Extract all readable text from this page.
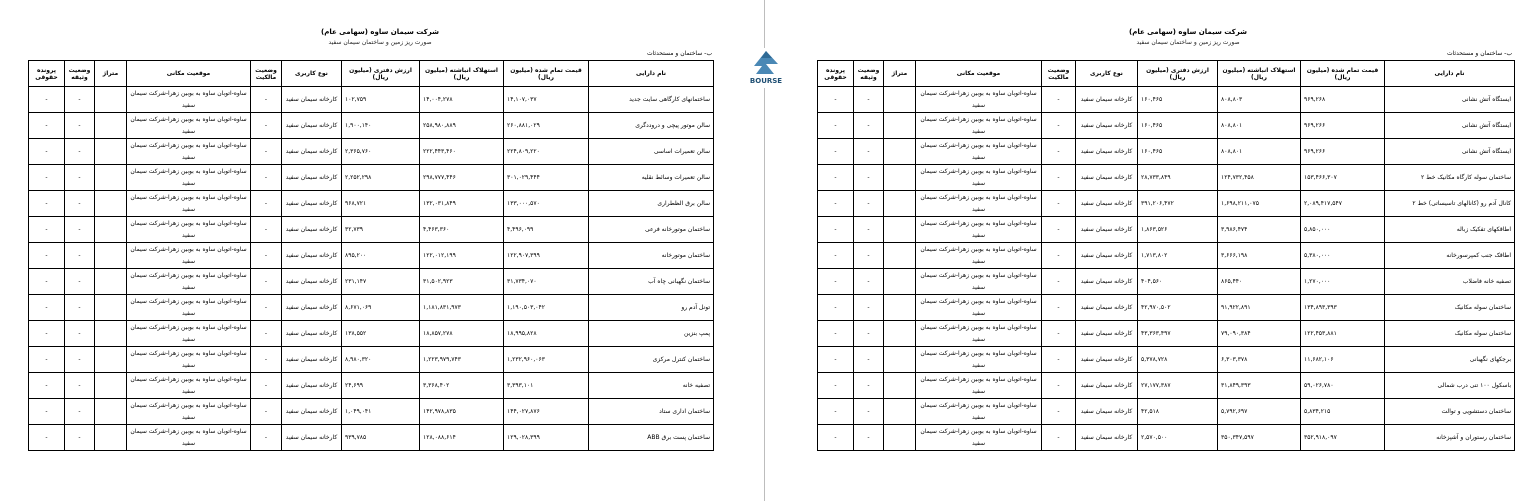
شرکت سیمان ساوه (سهامی عام)
صورت ریز زمین و ساختمان سیمان سفید
ب- ساختمان و مستحدثات
نام دارایی	قیمت تمام شده (میلیون ریال)	استهلاک انباشته (میلیون ریال)	ارزش دفتری (میلیون ریال)	نوع کاربری	وضعیت مالکیت	موقعیت مکانی	متراژ	وضعیت وثیقه	پرونده حقوقی
ساختمانهای کارگاهی سایت جدید	۱۴,۱۰۷,۰۳۷	۱۴,۰۰۴,۲۷۸	۱۰۲,۷۵۹	کارخانه سیمان سفید	-	ساوه-اتوبان ساوه به بوبین زهرا-شرکت سیمان سفید		-	-
سالن موتور پیچی و دروددگری	۲۶۰,۸۸۱,۰۲۹	۲۵۸,۹۸۰,۸۸۹	۱,۹۰۰,۱۴۰	کارخانه سیمان سفید	-	ساوه-اتوبان ساوه به بوبین زهرا-شرکت سیمان سفید		-	-
سالن تعمیرات اساسی	۲۲۴,۸۰۹,۲۲۰	۲۲۲,۴۴۳,۴۶۰	۲,۳۶۵,۷۶۰	کارخانه سیمان سفید	-	ساوه-اتوبان ساوه به بوبین زهرا-شرکت سیمان سفید		-	-
سالن تعمیرات وسائط نقلیه	۳۰۱,۰۲۹,۴۴۴	۲۹۸,۷۷۷,۴۴۶	۲,۲۵۲,۲۹۸	کارخانه سیمان سفید	-	ساوه-اتوبان ساوه به بوبین زهرا-شرکت سیمان سفید		-	-
سالن برق الظطراری	۱۳۳,۰۰۰,۵۷۰	۱۳۲,۰۳۱,۸۴۹	۹۶۸,۷۲۱	کارخانه سیمان سفید	-	ساوه-اتوبان ساوه به بوبین زهرا-شرکت سیمان سفید		-	-
ساختمان موتورخانه فرعی	۴,۴۹۶,۰۹۹	۴,۴۶۳,۳۶۰	۳۲,۷۳۹	کارخانه سیمان سفید	-	ساوه-اتوبان ساوه به بوبین زهرا-شرکت سیمان سفید		-	-
ساختمان موتورخانه	۱۲۲,۹۰۷,۳۹۹	۱۲۲,۰۱۲,۱۹۹	۸۹۵,۲۰۰	کارخانه سیمان سفید	-	ساوه-اتوبان ساوه به بوبین زهرا-شرکت سیمان سفید		-	-
ساختمان نگهبانی چاه آب	۳۱,۷۳۴,۰۷۰	۳۱,۵۰۲,۹۲۳	۲۳۱,۱۴۷	کارخانه سیمان سفید	-	ساوه-اتوبان ساوه به بوبین زهرا-شرکت سیمان سفید		-	-
تونل آدم رو	۱,۱۹۰,۵۰۳,۰۴۲	۱,۱۸۱,۸۳۱,۹۷۳	۸,۶۷۱,۰۶۹	کارخانه سیمان سفید	-	ساوه-اتوبان ساوه به بوبین زهرا-شرکت سیمان سفید		-	-
پمپ بنزین	۱۸,۹۹۵,۸۲۸	۱۸,۸۵۷,۲۷۸	۱۳۸,۵۵۲	کارخانه سیمان سفید	-	ساوه-اتوبان ساوه به بوبین زهرا-شرکت سیمان سفید		-	-
ساختمان کنترل مرکزی	۱,۲۳۲,۹۶۰,۰۶۳	۱,۲۲۳,۹۷۹,۷۴۳	۸,۹۸۰,۳۲۰	کارخانه سیمان سفید	-	ساوه-اتوبان ساوه به بوبین زهرا-شرکت سیمان سفید		-	-
تصفیه خانه	۳,۳۹۳,۱۰۱	۳,۳۶۸,۴۰۲	۲۴,۶۹۹	کارخانه سیمان سفید	-	ساوه-اتوبان ساوه به بوبین زهرا-شرکت سیمان سفید		-	-
ساختمان اداری ستاد	۱۴۴,۰۲۷,۸۷۶	۱۴۲,۹۷۸,۸۳۵	۱,۰۴۹,۰۴۱	کارخانه سیمان سفید	-	ساوه-اتوبان ساوه به بوبین زهرا-شرکت سیمان سفید		-	-
ساختمان پست برق ABB	۱۲۹,۰۲۸,۳۹۹	۱۲۸,۰۸۸,۶۱۴	۹۳۹,۷۸۵	کارخانه سیمان سفید	-	ساوه-اتوبان ساوه به بوبین زهرا-شرکت سیمان سفید		-	-
BOURSE
شرکت سیمان ساوه (سهامی عام)
صورت ریز زمین و ساختمان سیمان سفید
ب- ساختمان و مستحدثات
نام دارایی	قیمت تمام شده (میلیون ریال)	استهلاک انباشته (میلیون ریال)	ارزش دفتری (میلیون ریال)	نوع کاربری	وضعیت مالکیت	موقعیت مکانی	متراژ	وضعیت وثیقه	پرونده حقوقی
ایستگاه آتش نشانی	۹۶۹,۲۶۸	۸۰۸,۸۰۳	۱۶۰,۴۶۵	کارخانه سیمان سفید	-	ساوه-اتوبان ساوه به بوبین زهرا-شرکت سیمان سفید		-	-
ایستگاه آتش نشانی	۹۶۹,۲۶۶	۸۰۸,۸۰۱	۱۶۰,۴۶۵	کارخانه سیمان سفید	-	ساوه-اتوبان ساوه به بوبین زهرا-شرکت سیمان سفید		-	-
ایستگاه آتش نشانی	۹۶۹,۲۶۶	۸۰۸,۸۰۱	۱۶۰,۴۶۵	کارخانه سیمان سفید	-	ساوه-اتوبان ساوه به بوبین زهرا-شرکت سیمان سفید		-	-
ساختمان سوله کارگاه مکانیک خط ۲	۱۵۳,۴۶۶,۳۰۷	۱۲۴,۷۳۲,۴۵۸	۲۸,۷۳۳,۸۴۹	کارخانه سیمان سفید	-	ساوه-اتوبان ساوه به بوبین زهرا-شرکت سیمان سفید		-	-
کانال آدم رو (کانالهای تاسیساتی) خط ۲	۲,۰۸۹,۴۱۷,۵۴۷	۱,۶۹۸,۲۱۱,۰۷۵	۳۹۱,۲۰۶,۴۷۲	کارخانه سیمان سفید	-	ساوه-اتوبان ساوه به بوبین زهرا-شرکت سیمان سفید		-	-
اطاقکهای تفکیک زباله	۵,۸۵۰,۰۰۰	۳,۹۸۶,۴۷۴	۱,۸۶۳,۵۲۶	کارخانه سیمان سفید	-	ساوه-اتوبان ساوه به بوبین زهرا-شرکت سیمان سفید		-	-
اطاقک جنب کمپرسورخانه	۵,۳۸۰,۰۰۰	۳,۶۶۶,۱۹۸	۱,۷۱۳,۸۰۲	کارخانه سیمان سفید	-	ساوه-اتوبان ساوه به بوبین زهرا-شرکت سیمان سفید		-	-
تصفیه خانه فاضلاب	۱,۲۷۰,۰۰۰	۸۶۵,۴۴۰	۴۰۴,۵۶۰	کارخانه سیمان سفید	-	ساوه-اتوبان ساوه به بوبین زهرا-شرکت سیمان سفید		-	-
ساختمان سوله مکانیک	۱۳۴,۸۹۳,۳۹۳	۹۱,۹۲۲,۸۹۱	۴۲,۹۷۰,۵۰۲	کارخانه سیمان سفید	-	ساوه-اتوبان ساوه به بوبین زهرا-شرکت سیمان سفید		-	-
ساختمان سوله مکانیک	۱۲۲,۴۵۳,۸۸۱	۷۹,۰۹۰,۳۸۴	۴۳,۳۶۳,۴۹۷	کارخانه سیمان سفید	-	ساوه-اتوبان ساوه به بوبین زهرا-شرکت سیمان سفید		-	-
برجکهای نگهبانی	۱۱,۶۸۲,۱۰۶	۶,۳۰۳,۳۷۸	۵,۳۷۸,۷۲۸	کارخانه سیمان سفید	-	ساوه-اتوبان ساوه به بوبین زهرا-شرکت سیمان سفید		-	-
باسکول ۱۰۰ تنی درب شمالی	۵۹,۰۲۶,۷۸۰	۳۱,۸۴۹,۳۹۳	۲۷,۱۷۷,۳۸۷	کارخانه سیمان سفید	-	ساوه-اتوبان ساوه به بوبین زهرا-شرکت سیمان سفید		-	-
ساختمان دستشویی و توالت	۵,۸۳۴,۲۱۵	۵,۷۹۲,۶۹۷	۴۲,۵۱۸	کارخانه سیمان سفید	-	ساوه-اتوبان ساوه به بوبین زهرا-شرکت سیمان سفید		-	-
ساختمان رستوران و آشپزخانه	۳۵۲,۹۱۸,۰۹۷	۳۵۰,۳۴۷,۵۹۷	۲,۵۷۰,۵۰۰	کارخانه سیمان سفید	-	ساوه-اتوبان ساوه به بوبین زهرا-شرکت سیمان سفید		-	-
